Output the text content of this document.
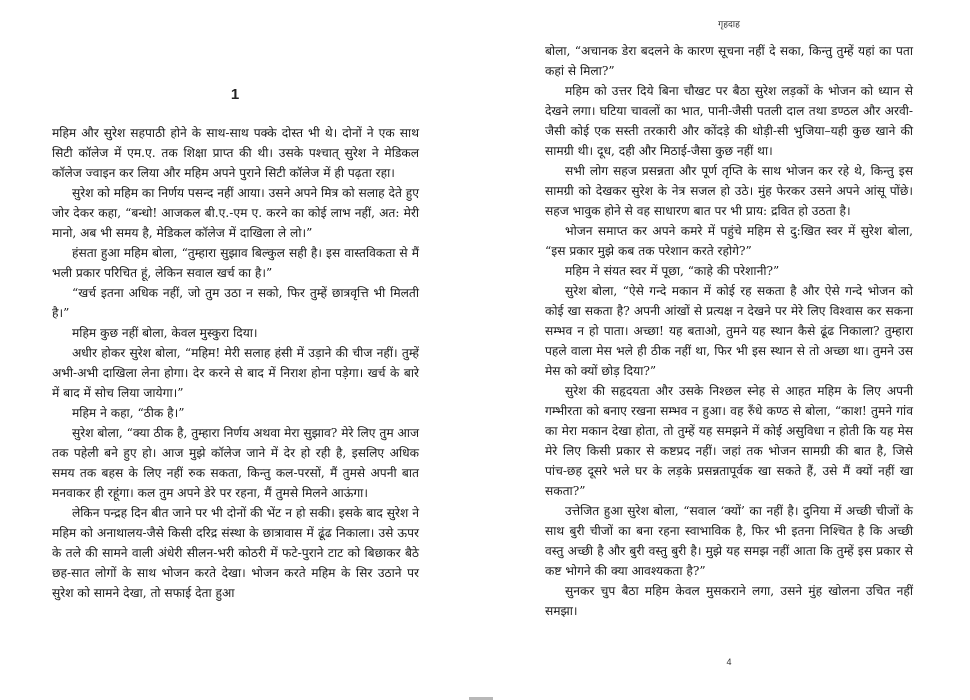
1

महिम और सुरेश सहपाठी होने के साथ-साथ पक्के दोस्त भी थे। दोनों ने एक साथ सिटी कॉलेज में एम.ए. तक शिक्षा प्राप्त की थी। उसके पश्चात् सुरेश ने मेडिकल कॉलेज ज्वाइन कर लिया और महिम अपने पुराने सिटी कॉलेज में ही पढ़ता रहा।

सुरेश को महिम का निर्णय पसन्द नहीं आया। उसने अपने मित्र को सलाह देते हुए जोर देकर कहा, “बन्धो! आजकल बी.ए.-एम ए. करने का कोई लाभ नहीं, अत: मेरी मानो, अब भी समय है, मेडिकल कॉलेज में दाखिला ले लो।”

हंसता हुआ महिम बोला, “तुम्हारा सुझाव बिल्कुल सही है। इस वास्तविकता से मैं भली प्रकार परिचित हूं, लेकिन सवाल खर्च का है।”

“खर्च इतना अधिक नहीं, जो तुम उठा न सको, फिर तुम्हें छात्रवृत्ति भी मिलती है।”

महिम कुछ नहीं बोला, केवल मुस्कुरा दिया।

अधीर होकर सुरेश बोला, “महिम! मेरी सलाह हंसी में उड़ाने की चीज नहीं। तुम्हें अभी-अभी दाखिला लेना होगा। देर करने से बाद में निराश होना पड़ेगा। खर्च के बारे में बाद में सोच लिया जायेगा।”

महिम ने कहा, “ठीक है।”

सुरेश बोला, “क्या ठीक है, तुम्हारा निर्णय अथवा मेरा सुझाव? मेरे लिए तुम आज तक पहेली बने हुए हो। आज मुझे कॉलेज जाने में देर हो रही है, इसलिए अधिक समय तक बहस के लिए नहीं रुक सकता, किन्तु कल-परसों, मैं तुमसे अपनी बात मनवाकर ही रहूंगा। कल तुम अपने डेरे पर रहना, मैं तुमसे मिलने आऊंगा।

लेकिन पन्द्रह दिन बीत जाने पर भी दोनों की भेंट न हो सकी। इसके बाद सुरेश ने महिम को अनाथालय-जैसे किसी दरिद्र संस्था के छात्रावास में ढूंढ निकाला। उसे ऊपर के तले की सामने वाली अंधेरी सीलन-भरी कोठरी में फटे-पुराने टाट को बिछाकर बैठे छह-सात लोगों के साथ भोजन करते देखा। भोजन करते महिम के सिर उठाने पर सुरेश को सामने देखा, तो सफाई देता हुआ

गृहदाह

बोला, “अचानक डेरा बदलने के कारण सूचना नहीं दे सका, किन्तु तुम्हें यहां का पता कहां से मिला?”

महिम को उत्तर दिये बिना चौखट पर बैठा सुरेश लड़कों के भोजन को ध्यान से देखने लगा। घटिया चावलों का भात, पानी-जैसी पतली दाल तथा डण्ठल और अरवी-जैसी कोई एक सस्ती तरकारी और कोंदड़े की थोड़ी-सी भुजिया–यही कुछ खाने की सामग्री थी। दूध, दही और मिठाई-जैसा कुछ नहीं था।

सभी लोग सहज प्रसन्नता और पूर्ण तृप्ति के साथ भोजन कर रहे थे, किन्तु इस सामग्री को देखकर सुरेश के नेत्र सजल हो उठे। मुंह फेरकर उसने अपने आंसू पोंछे। सहज भावुक होने से वह साधारण बात पर भी प्राय: द्रवित हो उठता है।

भोजन समाप्त कर अपने कमरे में पहुंचे महिम से दु:खित स्वर में सुरेश बोला, “इस प्रकार मुझे कब तक परेशान करते रहोगे?”

महिम ने संयत स्वर में पूछा, “काहे की परेशानी?”

सुरेश बोला, “ऐसे गन्दे मकान में कोई रह सकता है और ऐसे गन्दे भोजन को कोई खा सकता है? अपनी आंखों से प्रत्यक्ष न देखने पर मेरे लिए विश्वास कर सकना सम्भव न हो पाता। अच्छा! यह बताओ, तुमने यह स्थान कैसे ढूंढ निकाला? तुम्हारा पहले वाला मेस भले ही ठीक नहीं था, फिर भी इस स्थान से तो अच्छा था। तुमने उस मेस को क्यों छोड़ दिया?”

सुरेश की सहृदयता और उसके निश्छल स्नेह से आहत महिम के लिए अपनी गम्भीरता को बनाए रखना सम्भव न हुआ। वह रुँधे कण्ठ से बोला, “काश! तुमने गांव का मेरा मकान देखा होता, तो तुम्हें यह समझने में कोई असुविधा न होती कि यह मेस मेरे लिए किसी प्रकार से कष्टप्रद नहीं। जहां तक भोजन सामग्री की बात है, जिसे पांच-छह दूसरे भले घर के लड़के प्रसन्नतापूर्वक खा सकते हैं, उसे मैं क्यों नहीं खा सकता?”

उत्तेजित हुआ सुरेश बोला, “सवाल ‘क्यों’ का नहीं है। दुनिया में अच्छी चीजों के साथ बुरी चीजों का बना रहना स्वाभाविक है, फिर भी इतना निश्चित है कि अच्छी वस्तु अच्छी है और बुरी वस्तु बुरी है। मुझे यह समझ नहीं आता कि तुम्हें इस प्रकार से कष्ट भोगने की क्या आवश्यकता है?”

सुनकर चुप बैठा महिम केवल मुसकराने लगा, उसने मुंह खोलना उचित नहीं समझा।

4
